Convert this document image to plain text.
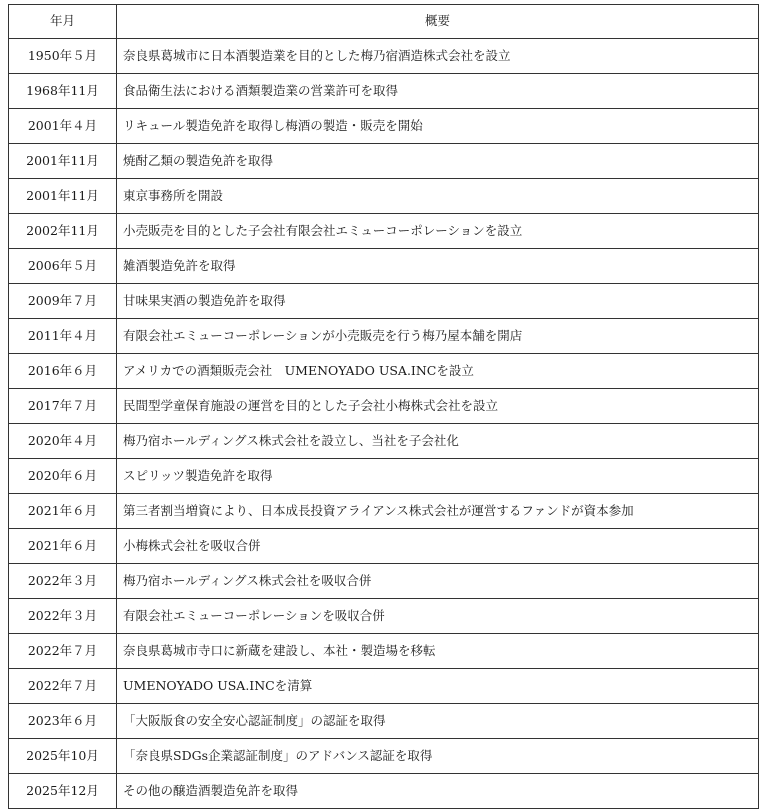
年月	概要
1950年５月	奈良県葛城市に日本酒製造業を目的とした梅乃宿酒造株式会社を設立
1968年11月	食品衛生法における酒類製造業の営業許可を取得
2001年４月	リキュール製造免許を取得し梅酒の製造・販売を開始
2001年11月	焼酎乙類の製造免許を取得
2001年11月	東京事務所を開設
2002年11月	小売販売を目的とした子会社有限会社エミューコーポレーションを設立
2006年５月	雑酒製造免許を取得
2009年７月	甘味果実酒の製造免許を取得
2011年４月	有限会社エミューコーポレーションが小売販売を行う梅乃屋本舗を開店
2016年６月	アメリカでの酒類販売会社　UMENOYADO USA.INCを設立
2017年７月	民間型学童保育施設の運営を目的とした子会社小梅株式会社を設立
2020年４月	梅乃宿ホールディングス株式会社を設立し、当社を子会社化
2020年６月	スピリッツ製造免許を取得
2021年６月	第三者割当増資により、日本成長投資アライアンス株式会社が運営するファンドが資本参加
2021年６月	小梅株式会社を吸収合併
2022年３月	梅乃宿ホールディングス株式会社を吸収合併
2022年３月	有限会社エミューコーポレーションを吸収合併
2022年７月	奈良県葛城市寺口に新蔵を建設し、本社・製造場を移転
2022年７月	UMENOYADO USA.INCを清算
2023年６月	「大阪版食の安全安心認証制度」の認証を取得
2025年10月	「奈良県SDGs企業認証制度」のアドバンス認証を取得
2025年12月	その他の醸造酒製造免許を取得
